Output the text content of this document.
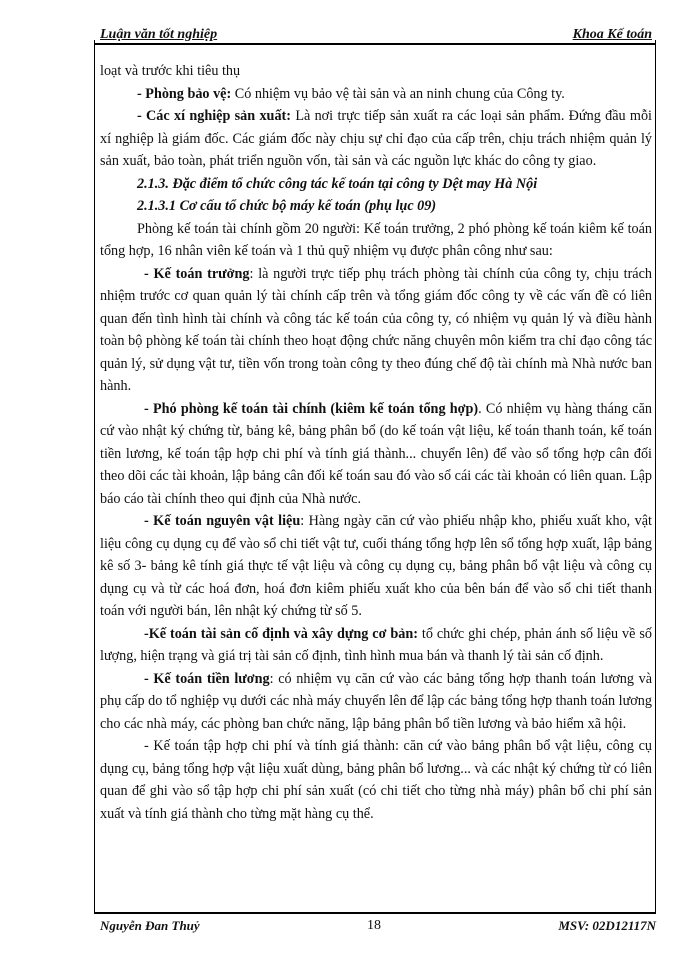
Luận văn tốt nghiệp	Khoa Kế toán

loạt và trước khi tiêu thụ

- Phòng bảo vệ: Có nhiệm vụ bảo vệ tài sản và an ninh chung của Công ty.

- Các xí nghiệp sản xuất: Là nơi trực tiếp sản xuất ra các loại sản phẩm. Đứng đầu mỗi xí nghiệp là giám đốc. Các giám đốc này chịu sự chỉ đạo của cấp trên, chịu trách nhiệm quản lý sản xuất, bảo toàn, phát triển nguồn vốn, tài sản và các nguồn lực khác do công ty giao.

2.1.3. Đặc điểm tổ chức công tác kế toán tại công ty Dệt may Hà Nội

2.1.3.1 Cơ cấu tổ chức bộ máy kế toán (phụ lục 09)

Phòng kế toán tài chính gồm 20 người: Kế toán trưởng, 2 phó phòng kế toán kiêm kế toán tổng hợp, 16 nhân viên kế toán và 1 thủ quỹ nhiệm vụ được phân công như sau:

- Kế toán trưởng: là người trực tiếp phụ trách phòng tài chính của công ty, chịu trách nhiệm trước cơ quan quản lý tài chính cấp trên và tổng giám đốc công ty về các vấn đề có liên quan đến tình hình tài chính và công tác kế toán của công ty, có nhiệm vụ quản lý và điều hành toàn bộ phòng kế toán tài chính theo hoạt động chức năng chuyên môn kiểm tra chỉ đạo công tác quản lý, sử dụng vật tư, tiền vốn trong toàn công ty theo đúng chế độ tài chính mà Nhà nước ban hành.

- Phó phòng kế toán tài chính (kiêm kế toán tổng hợp). Có nhiệm vụ hàng tháng căn cứ vào nhật ký chứng từ, bảng kê, bảng phân bổ (do kế toán vật liệu, kế toán thanh toán, kế toán tiền lương, kế toán tập hợp chi phí và tính giá thành... chuyển lên) để vào sổ tổng hợp cân đối theo dõi các tài khoản, lập bảng cân đối kế toán sau đó vào sổ cái các tài khoản có liên quan. Lập báo cáo tài chính theo qui định của Nhà nước.

- Kế toán nguyên vật liệu: Hàng ngày căn cứ vào phiếu nhập kho, phiếu xuất kho, vật liệu công cụ dụng cụ để vào sổ chi tiết vật tư, cuối tháng tổng hợp lên sổ tổng hợp xuất, lập bảng kê số 3- bảng kê tính giá thực tế vật liệu và công cụ dụng cụ, bảng phân bổ vật liệu và công cụ dụng cụ và từ các hoá đơn, hoá đơn kiêm phiếu xuất kho của bên bán để vào sổ chi tiết thanh toán với người bán, lên nhật ký chứng từ số 5.

-Kế toán tài sản cố định và xây dựng cơ bản: tổ chức ghi chép, phản ánh số liệu về số lượng, hiện trạng và giá trị tài sản cố định, tình hình mua bán và thanh lý tài sản cố định.

- Kế toán tiền lương: có nhiệm vụ căn cứ vào các bảng tổng hợp thanh toán lương và phụ cấp do tổ nghiệp vụ dưới các nhà máy chuyển lên để lập các bảng tổng hợp thanh toán lương cho các nhà máy, các phòng ban chức năng, lập bảng phân bổ tiền lương và bảo hiểm xã hội.

- Kế toán tập hợp chi phí và tính giá thành: căn cứ vào bảng phân bổ vật liệu, công cụ dụng cụ, bảng tổng hợp vật liệu xuất dùng, bảng phân bổ lương... và các nhật ký chứng từ có liên quan để ghi vào sổ tập hợp chi phí sản xuất (có chi tiết cho từng nhà máy) phân bổ chi phí sản xuất và tính giá thành cho từng mặt hàng cụ thể.

Nguyễn Đan Thuỷ	18	MSV: 02D12117N
